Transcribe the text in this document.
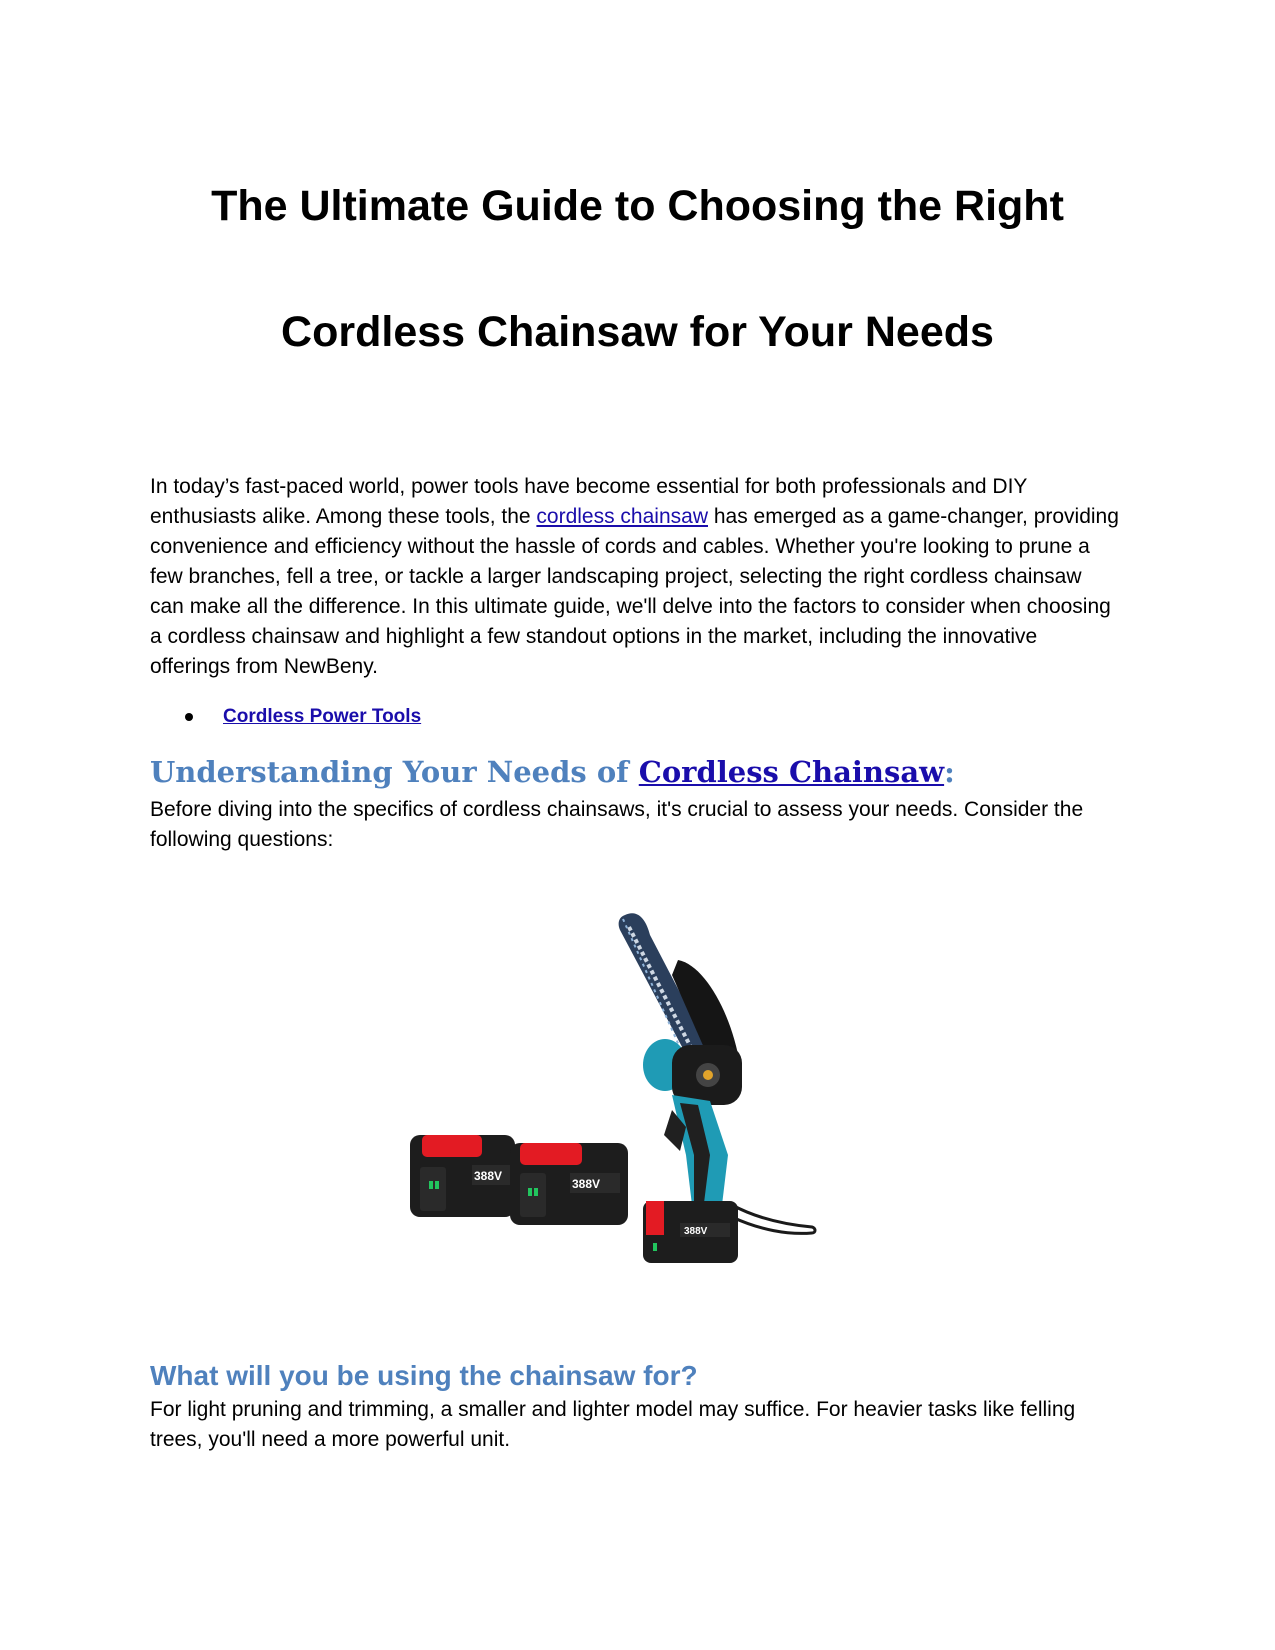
The Ultimate Guide to Choosing the Right
Cordless Chainsaw for Your Needs

In today’s fast-paced world, power tools have become essential for both professionals and DIY enthusiasts alike. Among these tools, the cordless chainsaw has emerged as a game-changer, providing convenience and efficiency without the hassle of cords and cables. Whether you're looking to prune a few branches, fell a tree, or tackle a larger landscaping project, selecting the right cordless chainsaw can make all the difference. In this ultimate guide, we'll delve into the factors to consider when choosing a cordless chainsaw and highlight a few standout options in the market, including the innovative offerings from NewBeny.

Cordless Power Tools
Understanding Your Needs of Cordless Chainsaw:

Before diving into the specifics of cordless chainsaws, it's crucial to assess your needs. Consider the following questions:

388V
388V
388V
What will you be using the chainsaw for?

For light pruning and trimming, a smaller and lighter model may suffice. For heavier tasks like felling trees, you'll need a more powerful unit.
